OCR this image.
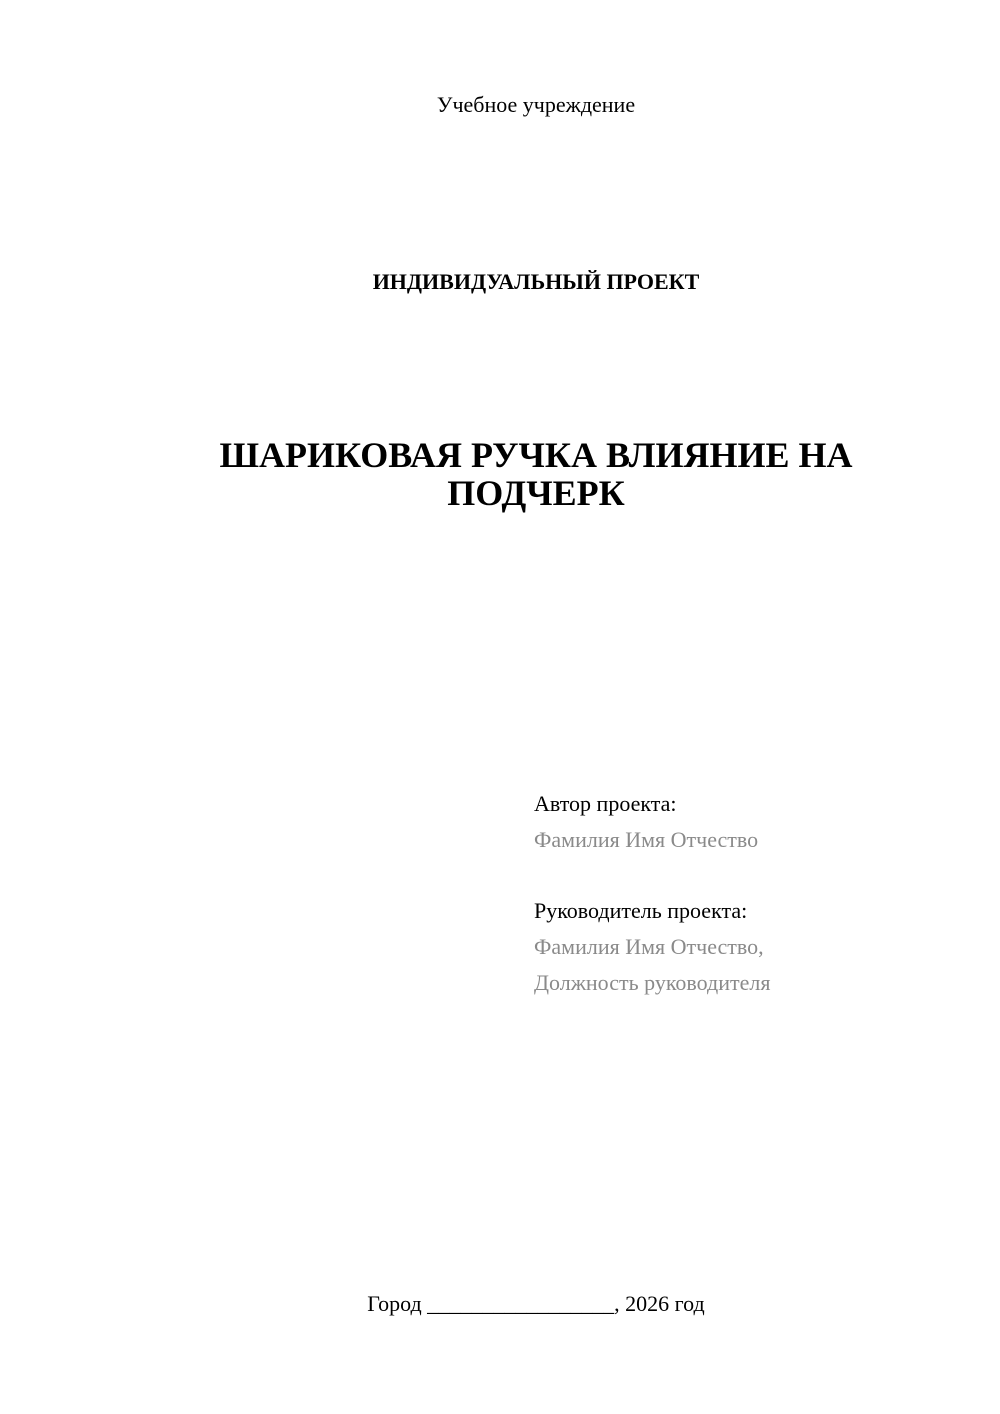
Учебное учреждение
ИНДИВИДУАЛЬНЫЙ ПРОЕКТ
ШАРИКОВАЯ РУЧКА ВЛИЯНИЕ НА
ПОДЧЕРК
Автор проекта:
Фамилия Имя Отчество
Руководитель проекта:
Фамилия Имя Отчество,
Должность руководителя
Город _________________, 2026 год
